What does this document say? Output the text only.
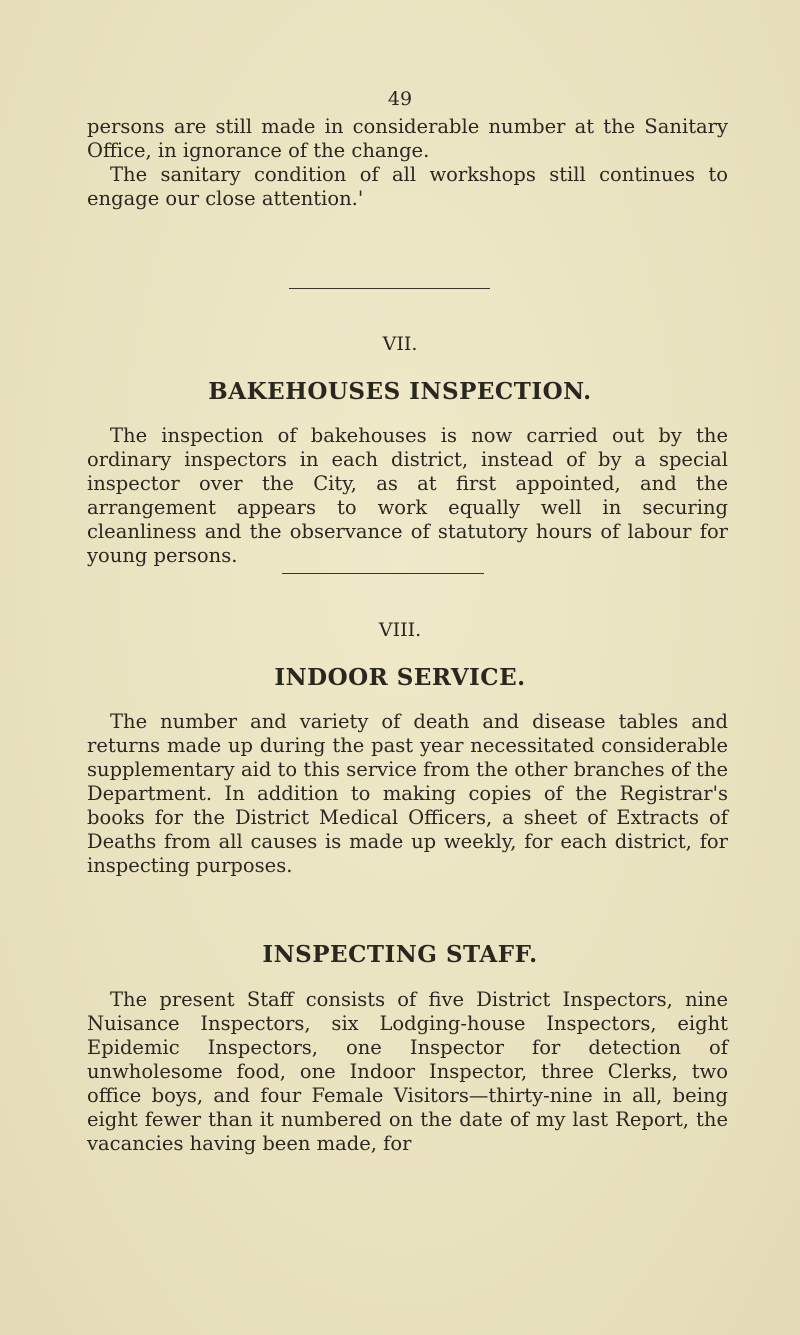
49

persons are still made in considerable number at the Sanitary Office, in ignorance of the change.

The sanitary condition of all workshops still continues to engage our close attention.'

VII.
BAKEHOUSES INSPECTION.

The inspection of bakehouses is now carried out by the ordinary inspectors in each district, instead of by a special inspector over the City, as at first appointed, and the arrangement appears to work equally well in securing cleanliness and the observance of statutory hours of labour for young persons.

VIII.
INDOOR SERVICE.

The number and variety of death and disease tables and returns made up during the past year necessitated considerable supplementary aid to this service from the other branches of the Department. In addition to making copies of the Registrar's books for the District Medical Officers, a sheet of Extracts of Deaths from all causes is made up weekly, for each district, for inspecting purposes.

INSPECTING STAFF.

The present Staff consists of five District Inspectors, nine Nuisance Inspectors, six Lodging-house Inspectors, eight Epidemic Inspectors, one Inspector for detection of unwholesome food, one Indoor Inspector, three Clerks, two office boys, and four Female Visitors—thirty-nine in all, being eight fewer than it numbered on the date of my last Report, the vacancies having been made, for
